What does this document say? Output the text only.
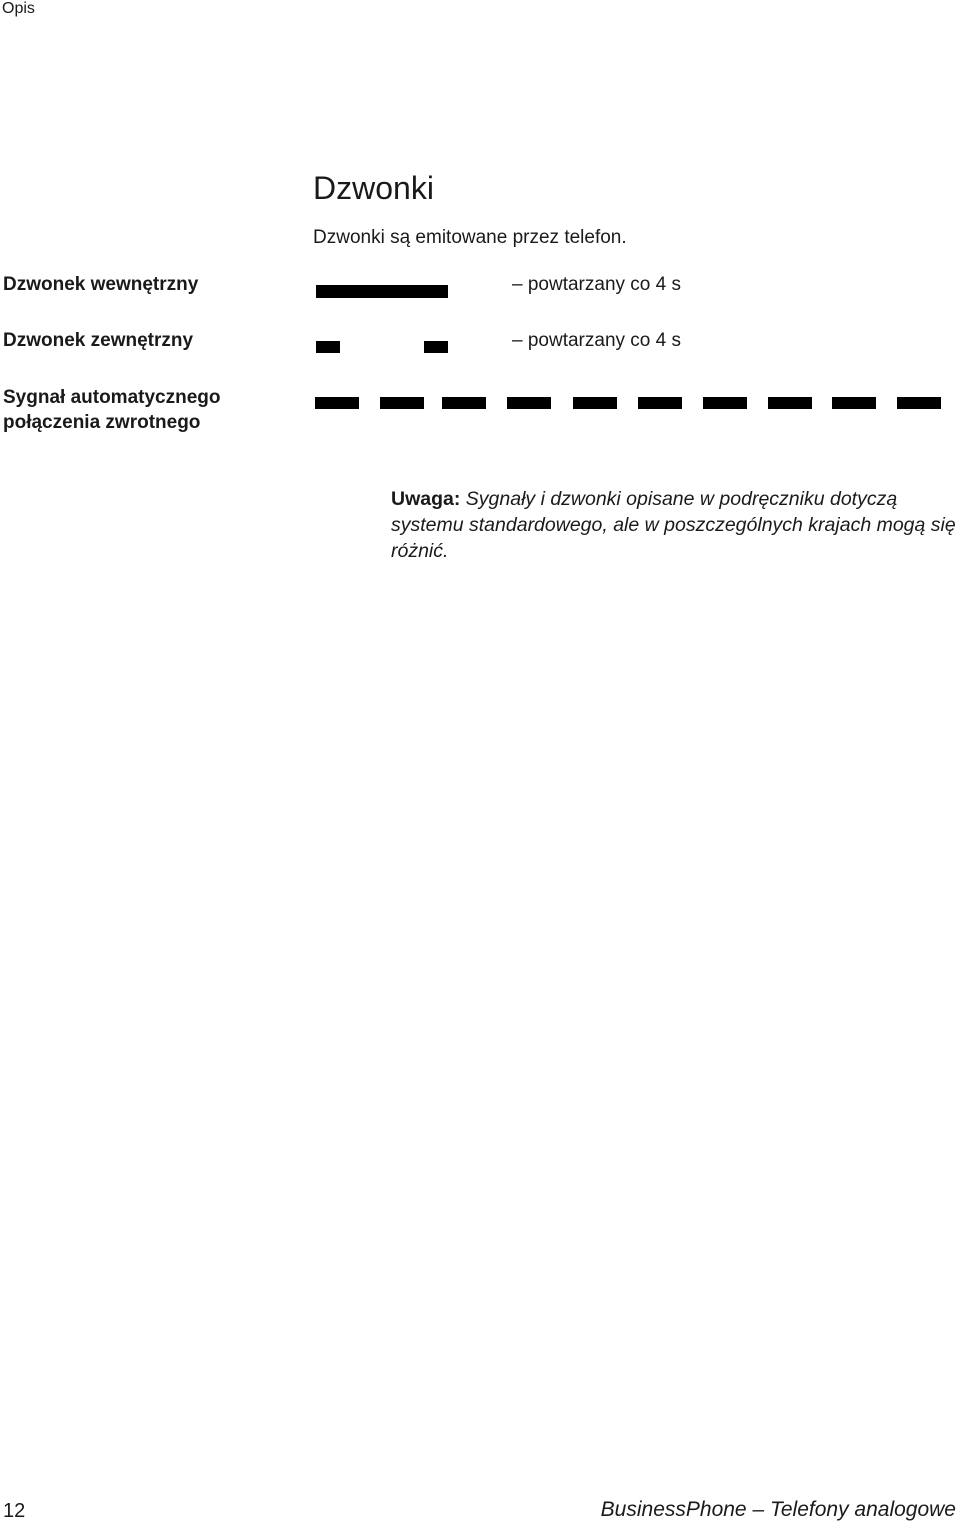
Opis
Dzwonki
Dzwonki są emitowane przez telefon.
Dzwonek wewnętrzny	– powtarzany co 4 s
Dzwonek zewnętrzny	– powtarzany co 4 s
Sygnał automatycznego
połączenia zwrotnego
Uwaga: Sygnały i dzwonki opisane w podręczniku dotyczą systemu standardowego, ale w poszczególnych krajach mogą się różnić.
12	BusinessPhone – Telefony analogowe
